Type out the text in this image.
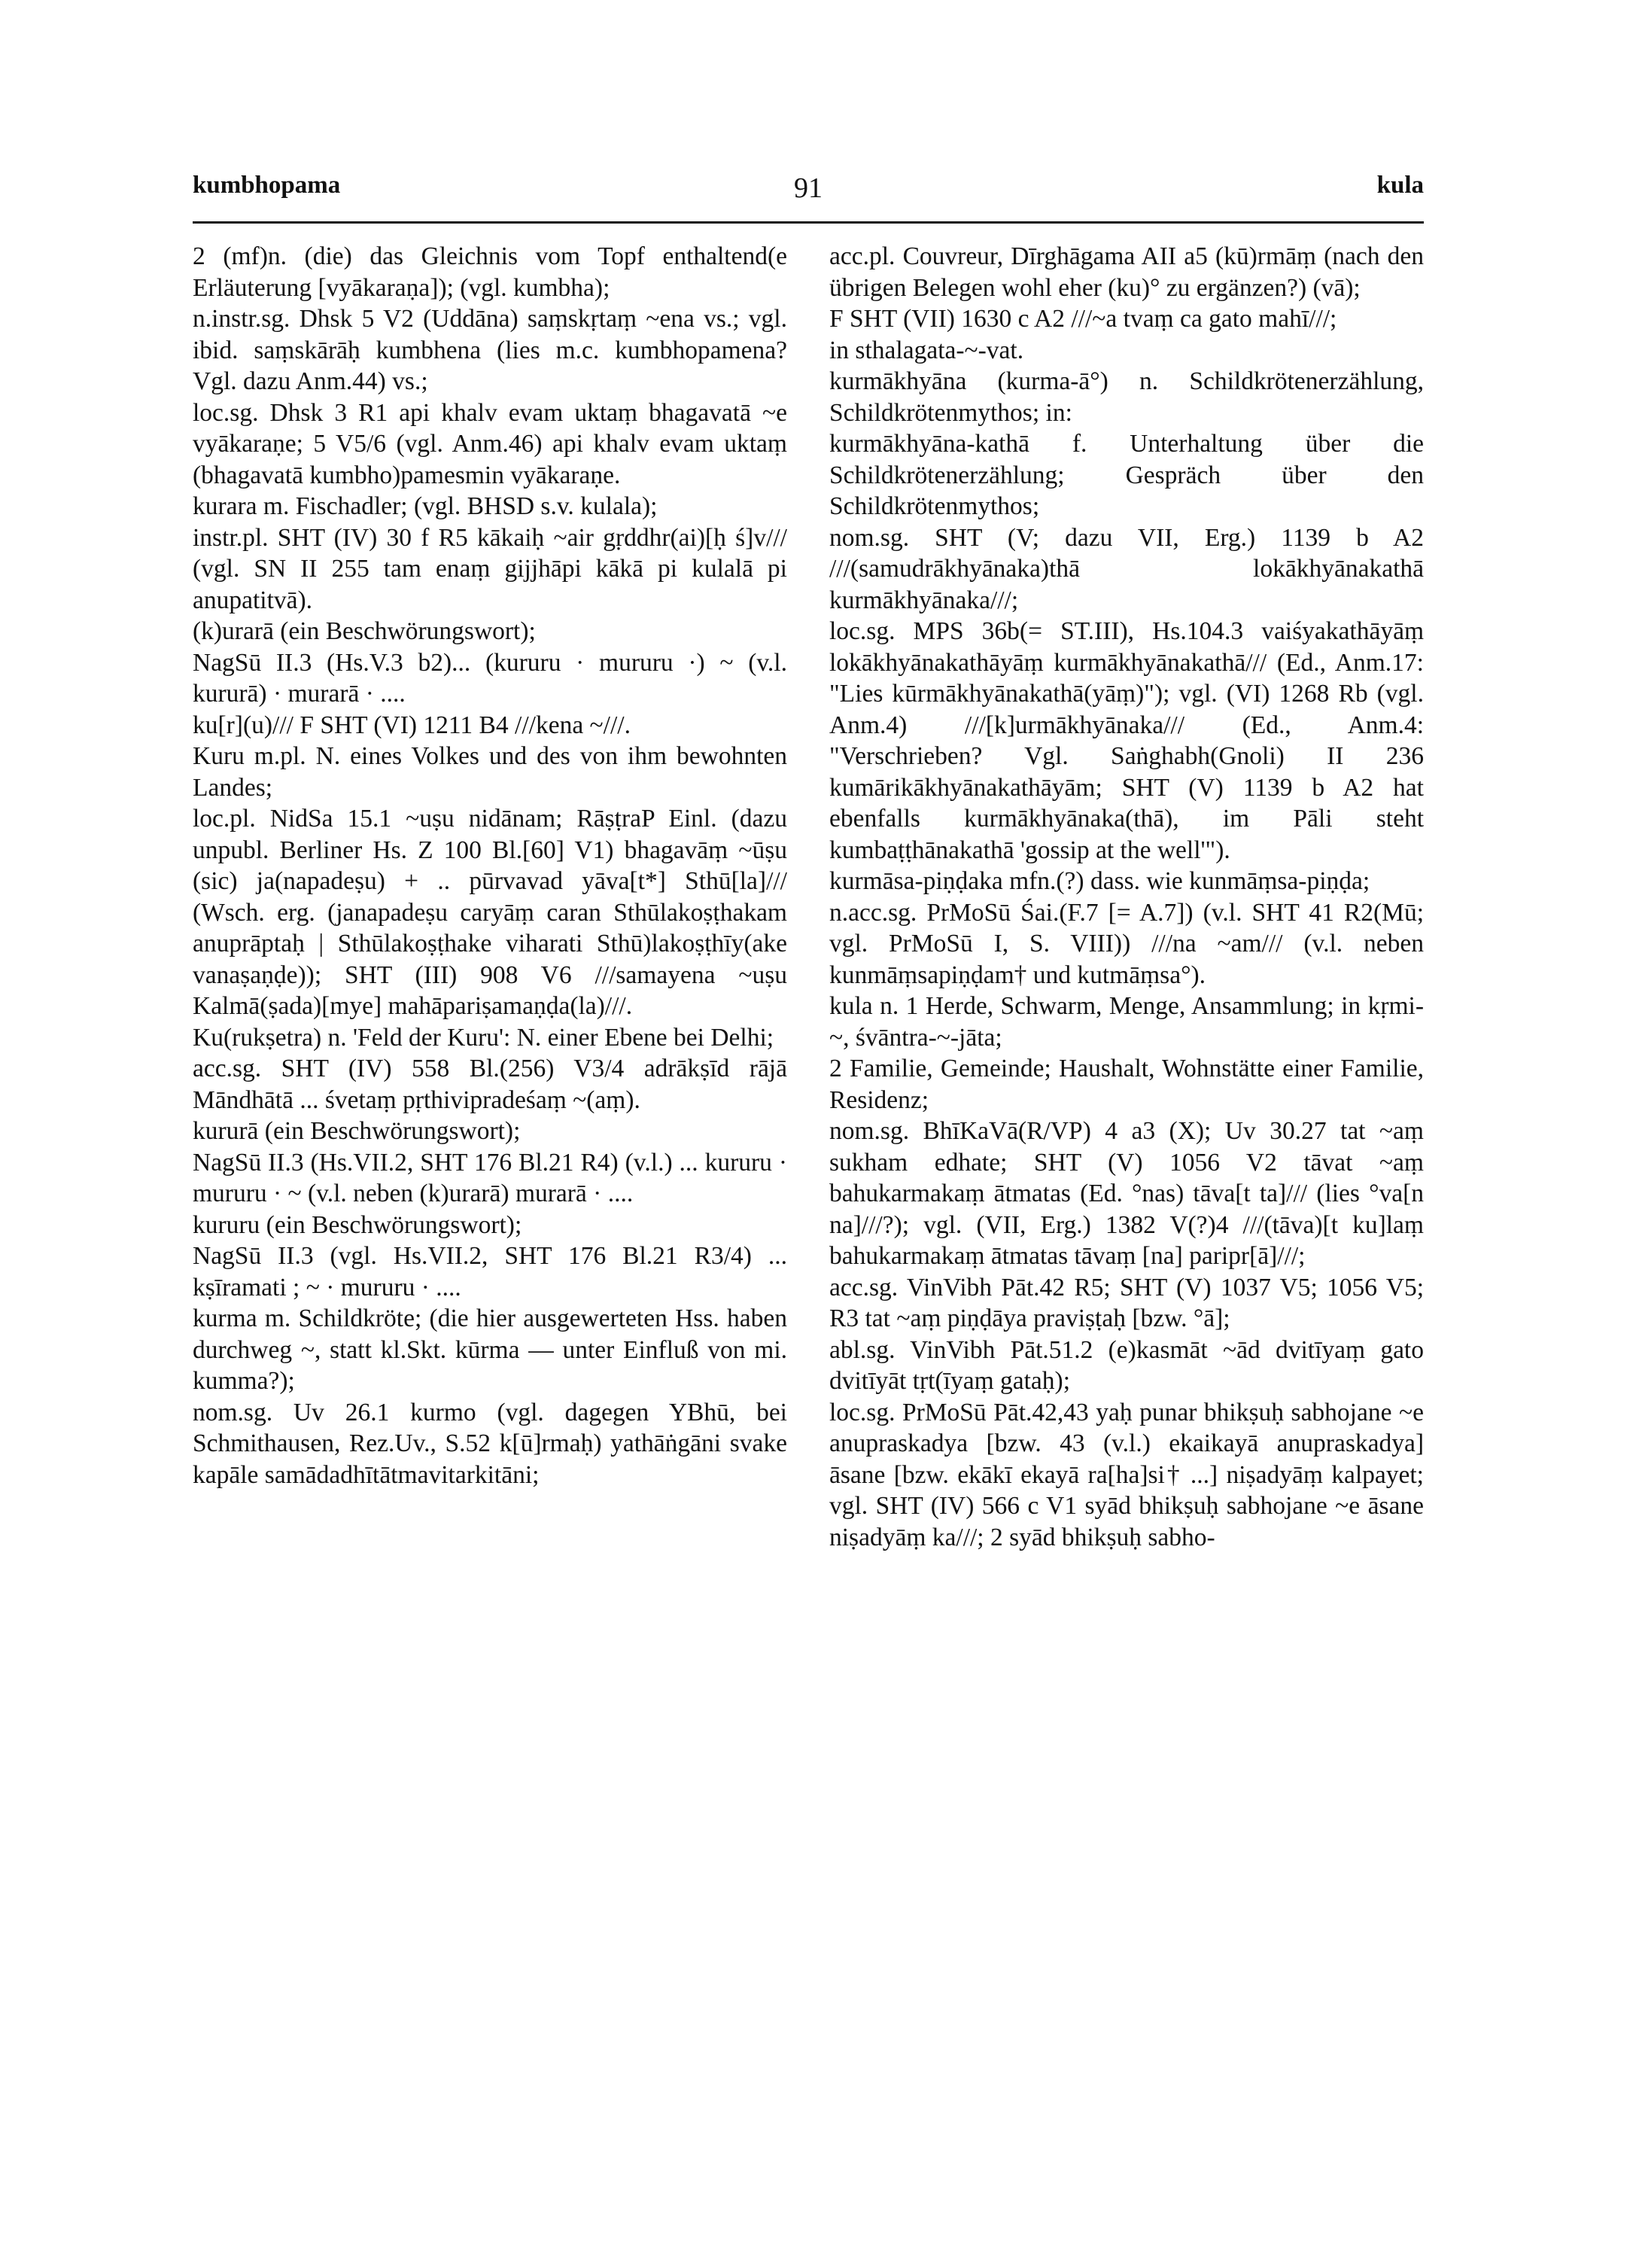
kumbhopama	91	kula

2 (mf)n. (die) das Gleichnis vom Topf enthaltend(e Erläuterung [vyākaraṇa]); (vgl. kumbha);

n.instr.sg. Dhsk 5 V2 (Uddāna) saṃskṛtaṃ ~ena vs.; vgl. ibid. saṃskārāḥ kumbhena (lies m.c. kumbhopamena? Vgl. dazu Anm.44) vs.;

loc.sg. Dhsk 3 R1 api khalv evam uktaṃ bhagavatā ~e vyākaraṇe; 5 V5/6 (vgl. Anm.46) api khalv evam uktaṃ (bhagavatā kumbho)pamesmin vyākaraṇe.

kurara m. Fischadler; (vgl. BHSD s.v. kulala);

instr.pl. SHT (IV) 30 f R5 kākaiḥ ~air gṛddhr(ai)[ḥ ś]v/// (vgl. SN II 255 tam enaṃ gijjhāpi kākā pi kulalā pi anupatitvā).

(k)urarā (ein Beschwörungswort);

NagSū II.3 (Hs.V.3 b2)... (kururu · mururu ·) ~ (v.l. kururā) · murarā · ....

ku[r](u)/// F SHT (VI) 1211 B4 ///kena ~///.

Kuru m.pl. N. eines Volkes und des von ihm bewohnten Landes;

loc.pl. NidSa 15.1 ~uṣu nidānam; RāṣṭraP Einl. (dazu unpubl. Berliner Hs. Z 100 Bl.[60] V1) bhagavāṃ ~ūṣu (sic) ja(napadeṣu) + .. pūrvavad yāva[t*] Sthū[la]/// (Wsch. erg. (janapadeṣu caryāṃ caran Sthūlakoṣṭhakam anuprāptaḥ | Sthūlakoṣṭhake viharati Sthū)lakoṣṭhīy(ake vanaṣaṇḍe)); SHT (III) 908 V6 ///samayena ~uṣu Kalmā(ṣada)[mye] mahāpariṣamaṇḍa(la)///.

Ku(rukṣetra) n. 'Feld der Kuru': N. einer Ebene bei Delhi;

acc.sg. SHT (IV) 558 Bl.(256) V3/4 adrākṣīd rājā Māndhātā ... śvetaṃ pṛthivipradeśaṃ ~(aṃ).

kururā (ein Beschwörungswort);

NagSū II.3 (Hs.VII.2, SHT 176 Bl.21 R4) (v.l.) ... kururu · mururu · ~ (v.l. neben (k)urarā) murarā · ....

kururu (ein Beschwörungswort);

NagSū II.3 (vgl. Hs.VII.2, SHT 176 Bl.21 R3/4) ... kṣīramati ; ~ · mururu · ....

kurma m. Schildkröte; (die hier ausgewerteten Hss. haben durchweg ~, statt kl.Skt. kūrma — unter Einfluß von mi. kumma?);

nom.sg. Uv 26.1 kurmo (vgl. dagegen YBhū, bei Schmithausen, Rez.Uv., S.52 k[ū]rmaḥ) yathāṅgāni svake kapāle samādadhītātmavitarkitāni;

acc.pl. Couvreur, Dīrghāgama AII a5 (kū)rmāṃ (nach den übrigen Belegen wohl eher (ku)° zu ergänzen?) (vā);

F SHT (VII) 1630 c A2 ///~a tvaṃ ca gato mahī///;

in sthalagata-~-vat.

kurmākhyāna (kurma-ā°) n. Schildkrötenerzählung, Schildkrötenmythos; in:

kurmākhyāna-kathā f. Unterhaltung über die Schildkrötenerzählung; Gespräch über den Schildkrötenmythos;

nom.sg. SHT (V; dazu VII, Erg.) 1139 b A2 ///(samudrākhyānaka)thā lokākhyānakathā kurmākhyānaka///;

loc.sg. MPS 36b(= ST.III), Hs.104.3 vaiśyakathāyāṃ lokākhyānakathāyāṃ kurmākhyānakathā/// (Ed., Anm.17: "Lies kūrmākhyānakathā(yāṃ)"); vgl. (VI) 1268 Rb (vgl. Anm.4) ///[k]urmākhyānaka/// (Ed., Anm.4: "Verschrieben? Vgl. Saṅghabh(Gnoli) II 236 kumārikākhyānakathāyām; SHT (V) 1139 b A2 hat ebenfalls kurmākhyānaka(thā), im Pāli steht kumbaṭṭhānakathā 'gossip at the well'").

kurmāsa-piṇḍaka mfn.(?) dass. wie kunmāṃsa-piṇḍa;

n.acc.sg. PrMoSū Śai.(F.7 [= A.7]) (v.l. SHT 41 R2(Mū; vgl. PrMoSū I, S. VIII)) ///na ~am/// (v.l. neben kunmāṃsapiṇḍam† und kutmāṃsa°).

kula n. 1 Herde, Schwarm, Menge, Ansammlung; in kṛmi-~, śvāntra-~-jāta;

2 Familie, Gemeinde; Haushalt, Wohnstätte einer Familie, Residenz;

nom.sg. BhīKaVā(R/VP) 4 a3 (X); Uv 30.27 tat ~aṃ sukham edhate; SHT (V) 1056 V2 tāvat ~aṃ bahukarmakaṃ ātmatas (Ed. °nas) tāva[t ta]/// (lies °va[n na]///?); vgl. (VII, Erg.) 1382 V(?)4 ///(tāva)[t ku]laṃ bahukarmakaṃ ātmatas tāvaṃ [na] paripr[ā]///;

acc.sg. VinVibh Pāt.42 R5; SHT (V) 1037 V5; 1056 V5; R3 tat ~aṃ piṇḍāya praviṣṭaḥ [bzw. °ā];

abl.sg. VinVibh Pāt.51.2 (e)kasmāt ~ād dvitīyaṃ gato dvitīyāt tṛt(īyaṃ gataḥ);

loc.sg. PrMoSū Pāt.42,43 yaḥ punar bhikṣuḥ sabhojane ~e anupraskadya [bzw. 43 (v.l.) ekaikayā anupraskadya] āsane [bzw. ekākī ekayā ra[ha]si† ...] niṣadyāṃ kalpayet; vgl. SHT (IV) 566 c V1 syād bhikṣuḥ sabhojane ~e āsane niṣadyāṃ ka///; 2 syād bhikṣuḥ sabho-
